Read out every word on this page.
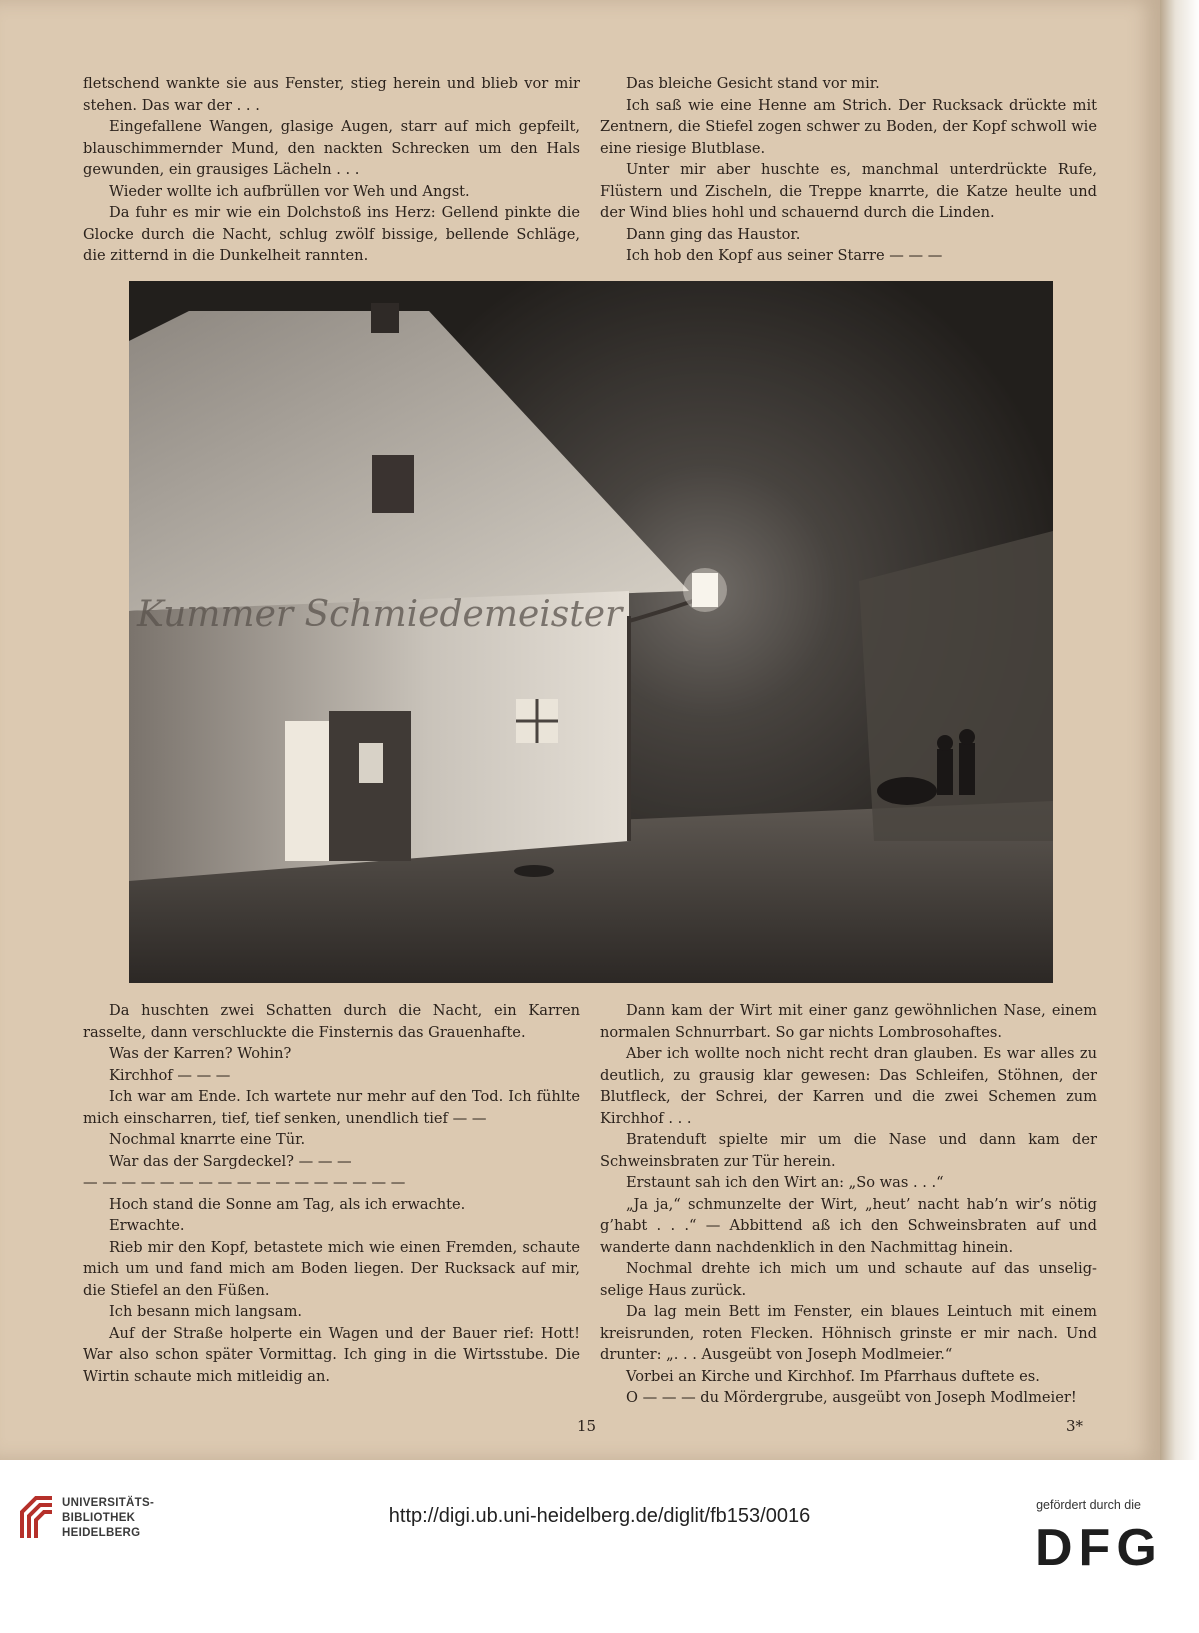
fletschend wankte sie aus Fenster, stieg herein und blieb vor mir stehen. Das war der . . .

Eingefallene Wangen, glasige Augen, starr auf mich gepfeilt, blauschimmernder Mund, den nackten Schrecken um den Hals gewunden, ein grausiges Lächeln . . .

Wieder wollte ich aufbrüllen vor Weh und Angst.

Da fuhr es mir wie ein Dolchstoß ins Herz: Gellend pinkte die Glocke durch die Nacht, schlug zwölf bissige, bellende Schläge, die zitternd in die Dunkelheit rannten.

Das bleiche Gesicht stand vor mir.

Ich saß wie eine Henne am Strich. Der Rucksack drückte mit Zentnern, die Stiefel zogen schwer zu Boden, der Kopf schwoll wie eine riesige Blutblase.

Unter mir aber huschte es, manchmal unterdrückte Rufe, Flüstern und Zischeln, die Treppe knarrte, die Katze heulte und der Wind blies hohl und schauernd durch die Linden.

Dann ging das Haustor.

Ich hob den Kopf aus seiner Starre — — —

Kummer Schmiedemeister

Da huschten zwei Schatten durch die Nacht, ein Karren rasselte, dann verschluckte die Finsternis das Grauenhafte.

Was der Karren? Wohin?

Kirchhof — — —

Ich war am Ende. Ich wartete nur mehr auf den Tod. Ich fühlte mich einscharren, tief, tief senken, unendlich tief — —

Nochmal knarrte eine Tür.

War das der Sargdeckel? — — —

— — — — — — — — — — — — — — — — —

Hoch stand die Sonne am Tag, als ich erwachte.

Erwachte.

Rieb mir den Kopf, betastete mich wie einen Fremden, schaute mich um und fand mich am Boden liegen. Der Rucksack auf mir, die Stiefel an den Füßen.

Ich besann mich langsam.

Auf der Straße holperte ein Wagen und der Bauer rief: Hott! War also schon später Vormittag. Ich ging in die Wirtsstube. Die Wirtin schaute mich mitleidig an.

Dann kam der Wirt mit einer ganz gewöhnlichen Nase, einem normalen Schnurrbart. So gar nichts Lombrosohaftes.

Aber ich wollte noch nicht recht dran glauben. Es war alles zu deutlich, zu grausig klar gewesen: Das Schleifen, Stöhnen, der Blutfleck, der Schrei, der Karren und die zwei Schemen zum Kirchhof . . .

Bratenduft spielte mir um die Nase und dann kam der Schweinsbraten zur Tür herein.

Erstaunt sah ich den Wirt an: „So was . . .“

„Ja ja,“ schmunzelte der Wirt, „heut’ nacht hab’n wir’s nötig g’habt . . .“ — Abbittend aß ich den Schweinsbraten auf und wanderte dann nachdenklich in den Nachmittag hinein.

Nochmal drehte ich mich um und schaute auf das unselig-selige Haus zurück.

Da lag mein Bett im Fenster, ein blaues Leintuch mit einem kreisrunden, roten Flecken. Höhnisch grinste er mir nach. Und drunter: „. . . Ausgeübt von Joseph Modlmeier.“

Vorbei an Kirche und Kirchhof. Im Pfarrhaus duftete es.

O — — — du Mördergrube, ausgeübt von Joseph Modlmeier!

15	3*
UNIVERSITÄTS-
BIBLIOTHEK
HEIDELBERG
http://digi.ub.uni-heidelberg.de/diglit/fb153/0016	gefördert durch die
DFG
